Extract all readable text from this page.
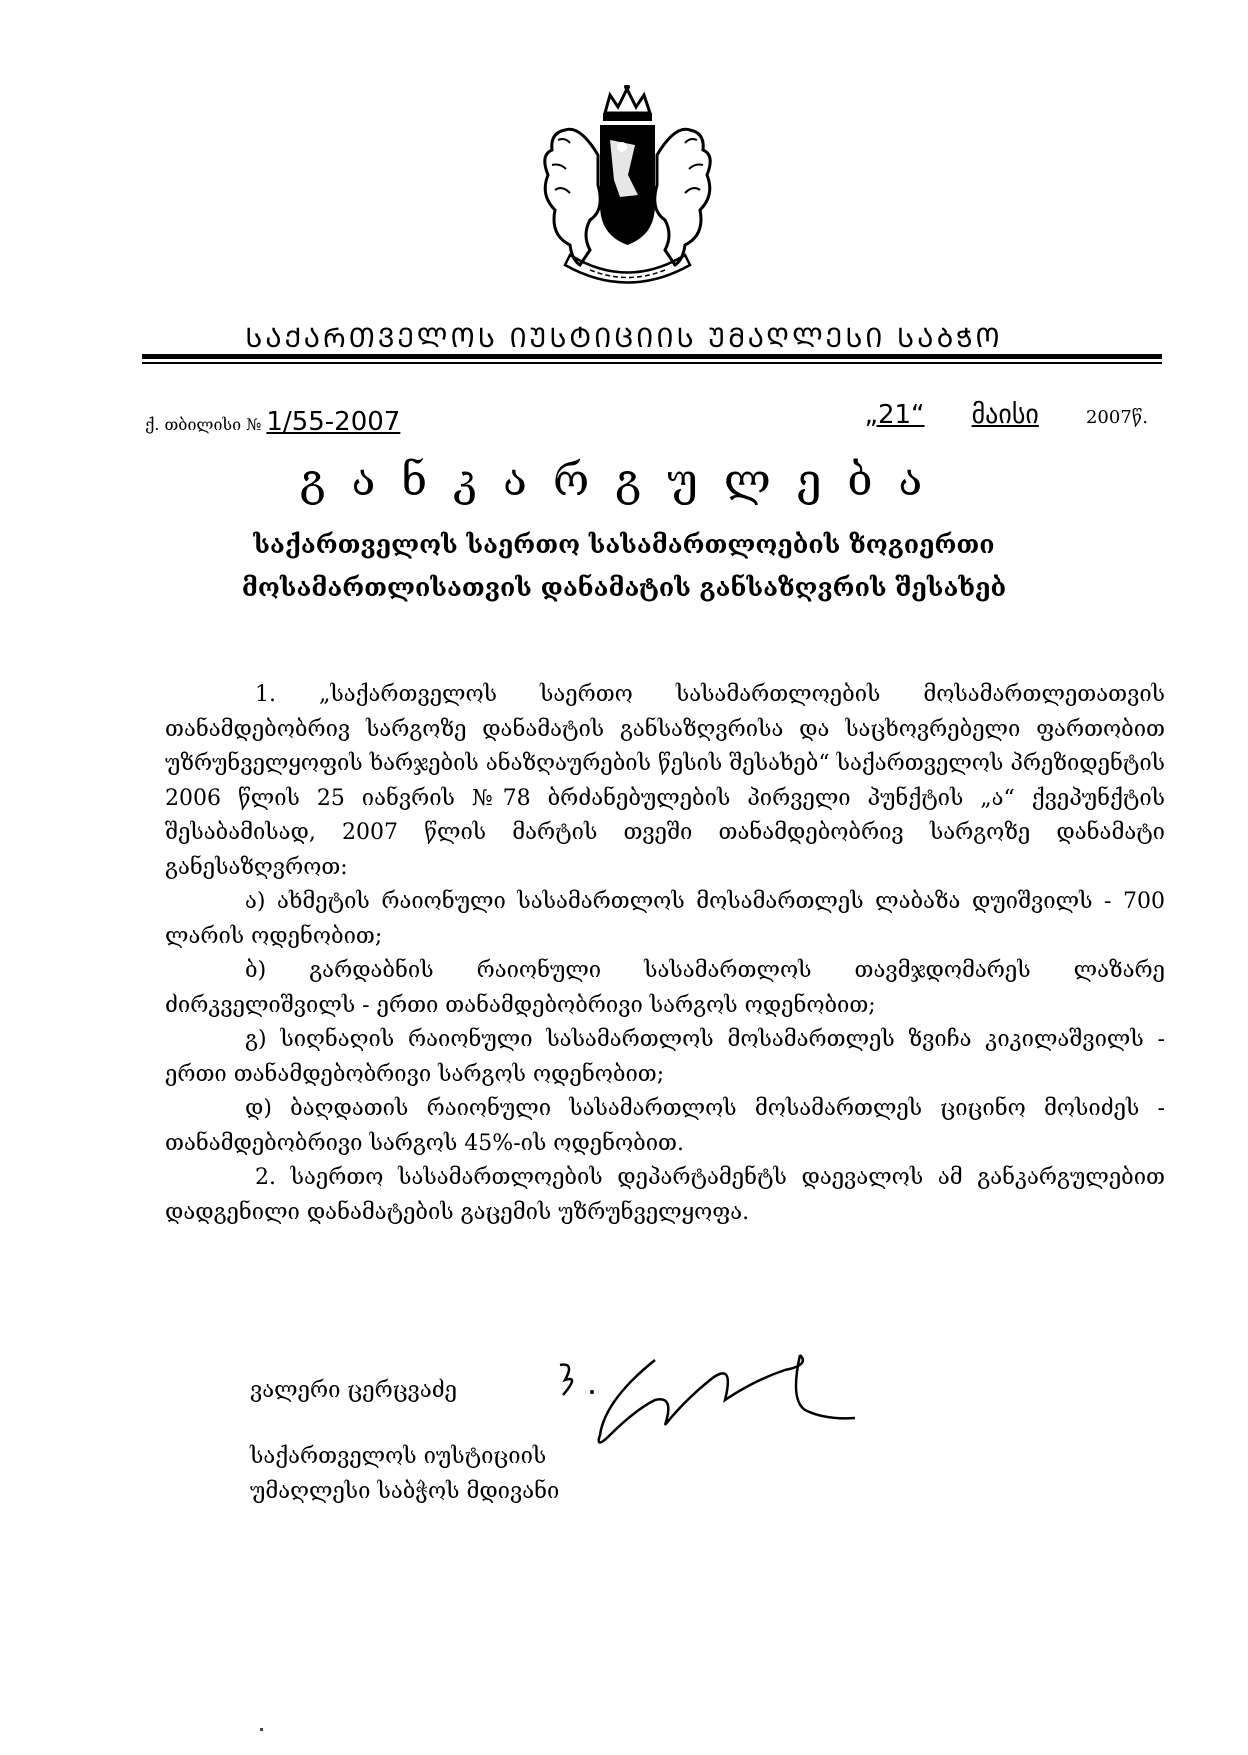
ᲡᲐᲥᲐᲠᲗᲕᲔᲚᲝᲡ ᲘᲣᲡᲢᲘᲪᲘᲘᲡ ᲣᲛᲐᲦᲚᲔᲡᲘ ᲡᲐᲑᲭᲝ
ქ. თბილისი № 1/55-2007	„21“ მაისი	2007წ.
განკარგულება
საქართველოს საერთო სასამართლოების ზოგიერთი
მოსამართლისათვის დანამატის განსაზღვრის შესახებ

1. „საქართველოს საერთო სასამართლოების მოსამართლეთათვის თანამდებობრივ სარგოზე დანამატის განსაზღვრისა და საცხოვრებელი ფართობით უზრუნველყოფის ხარჯების ანაზღაურების წესის შესახებ“ საქართველოს პრეზიდენტის 2006 წლის 25 იანვრის №78 ბრძანებულების პირველი პუნქტის „ა“ ქვეპუნქტის შესაბამისად, 2007 წლის მარტის თვეში თანამდებობრივ სარგოზე დანამატი განესაზღვროთ:

ა) ახმეტის რაიონული სასამართლოს მოსამართლეს ლაბაზა დუიშვილს - 700 ლარის ოდენობით;

ბ) გარდაბნის რაიონული სასამართლოს თავმჯდომარეს ლაზარე ძირკველიშვილს - ერთი თანამდებობრივი სარგოს ოდენობით;

გ) სიღნაღის რაიონული სასამართლოს მოსამართლეს ზვიჩა კიკილაშვილს - ერთი თანამდებობრივი სარგოს ოდენობით;

დ) ბაღდათის რაიონული სასამართლოს მოსამართლეს ციცინო მოსიძეს - თანამდებობრივი სარგოს 45%-ის ოდენობით.

2. საერთო სასამართლოების დეპარტამენტს დაევალოს ამ განკარგულებით დადგენილი დანამატების გაცემის უზრუნველყოფა.

ვალერი ცერცვაძე
საქართველოს იუსტიციის
უმაღლესი საბჭოს მდივანი
